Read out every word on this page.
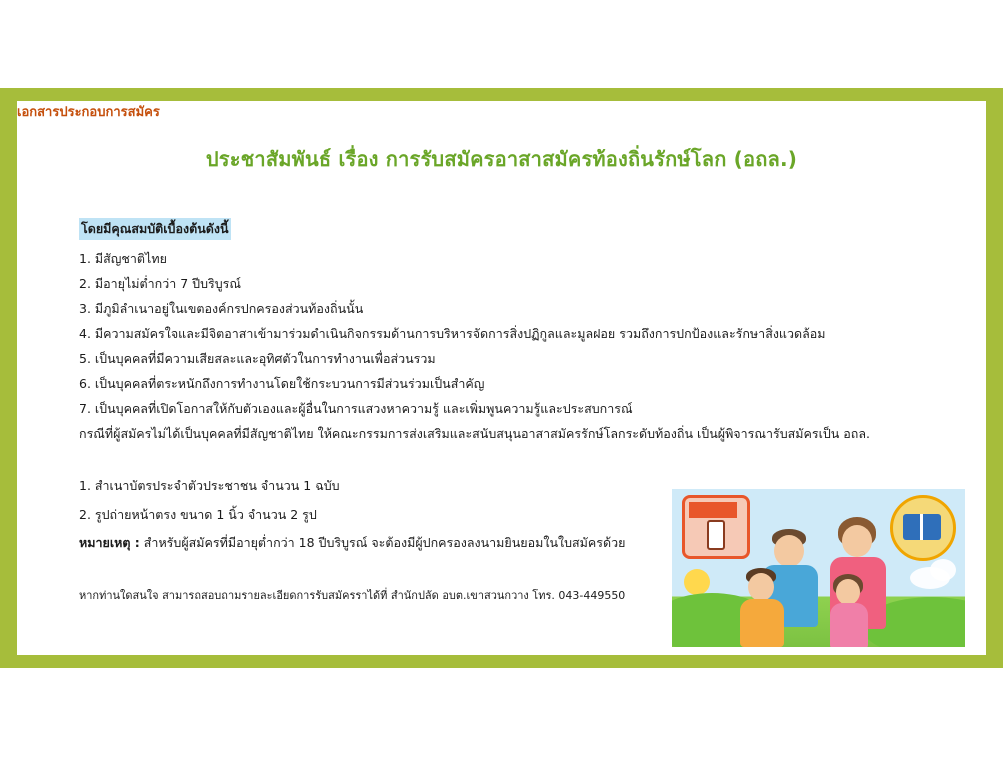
ประชาสัมพันธ์ เรื่อง การรับสมัครอาสาสมัครท้องถิ่นรักษ์โลก (อถล.)
โดยมีคุณสมบัติเบื้องต้นดังนี้
1. มีสัญชาติไทย
2. มีอายุไม่ต่ำกว่า 7 ปีบริบูรณ์
3. มีภูมิลำเนาอยู่ในเขตองค์กรปกครองส่วนท้องถิ่นนั้น
4. มีความสมัครใจและมีจิตอาสาเข้ามาร่วมดำเนินกิจกรรมด้านการบริหารจัดการสิ่งปฏิกูลและมูลฝอย รวมถึงการปกป้องและรักษาสิ่งแวดล้อม
5. เป็นบุคคลที่มีความเสียสละและอุทิศตัวในการทำงานเพื่อส่วนรวม
6. เป็นบุคคลที่ตระหนักถึงการทำงานโดยใช้กระบวนการมีส่วนร่วมเป็นสำคัญ
7. เป็นบุคคลที่เปิดโอกาสให้กับตัวเองและผู้อื่นในการแสวงหาความรู้ และเพิ่มพูนความรู้และประสบการณ์
กรณีที่ผู้สมัครไม่ได้เป็นบุคคลที่มีสัญชาติไทย ให้คณะกรรมการส่งเสริมและสนับสนุนอาสาสมัครรักษ์โลกระดับท้องถิ่น เป็นผู้พิจารณารับสมัครเป็น อถล.
เอกสารประกอบการสมัคร
1. สำเนาบัตรประจำตัวประชาชน จำนวน 1 ฉบับ
2. รูปถ่ายหน้าตรง ขนาด 1 นิ้ว จำนวน 2 รูป
หมายเหตุ : สำหรับผู้สมัครที่มีอายุต่ำกว่า 18 ปีบริบูรณ์ จะต้องมีผู้ปกครองลงนามยินยอมในใบสมัครด้วย
หากท่านใดสนใจ สามารถสอบถามรายละเอียดการรับสมัครราได้ที่ สำนักปลัด อบต.เขาสวนกวาง โทร. 043-449550
